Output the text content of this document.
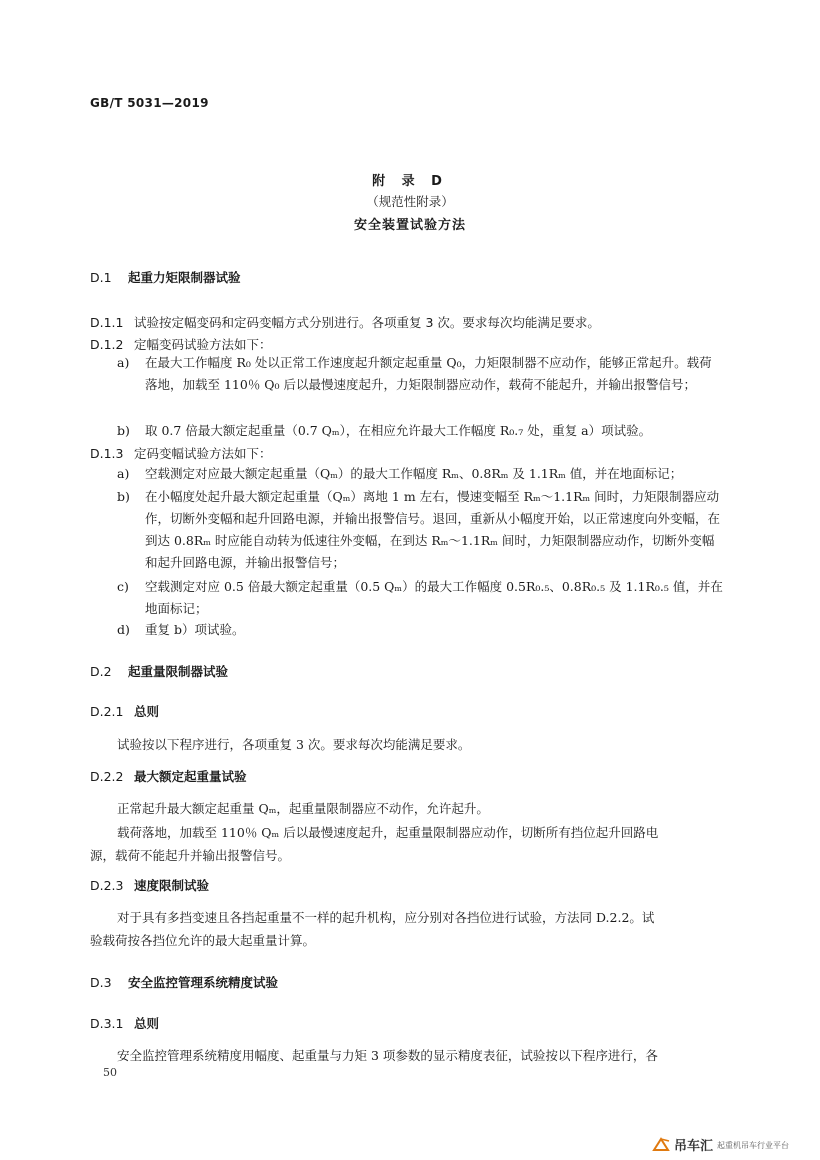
GB/T 5031—2019
附 录 D
（规范性附录）
安全装置试验方法
D.1 起重力矩限制器试验
D.1.1 试验按定幅变码和定码变幅方式分别进行。各项重复 3 次。要求每次均能满足要求。
D.1.2 定幅变码试验方法如下：
a) 在最大工作幅度 R₀ 处以正常工作速度起升额定起重量 Q₀，力矩限制器不应动作，能够正常起升。载荷落地，加载至 110％ Q₀ 后以最慢速度起升，力矩限制器应动作，载荷不能起升，并输出报警信号；
b) 取 0.7 倍最大额定起重量（0.7 Qₘ），在相应允许最大工作幅度 R₀.₇ 处，重复 a）项试验。
D.1.3 定码变幅试验方法如下：
a) 空载测定对应最大额定起重量（Qₘ）的最大工作幅度 Rₘ、0.8Rₘ 及 1.1Rₘ 值，并在地面标记；
b) 在小幅度处起升最大额定起重量（Qₘ）离地 1 m 左右，慢速变幅至 Rₘ～1.1Rₘ 间时，力矩限制器应动作，切断外变幅和起升回路电源，并输出报警信号。退回，重新从小幅度开始，以正常速度向外变幅，在到达 0.8Rₘ 时应能自动转为低速往外变幅，在到达 Rₘ～1.1Rₘ 间时，力矩限制器应动作，切断外变幅和起升回路电源，并输出报警信号；
c) 空载测定对应 0.5 倍最大额定起重量（0.5 Qₘ）的最大工作幅度 0.5R₀.₅、0.8R₀.₅ 及 1.1R₀.₅ 值，并在地面标记；
d) 重复 b）项试验。
D.2 起重量限制器试验
D.2.1 总则
试验按以下程序进行，各项重复 3 次。要求每次均能满足要求。
D.2.2 最大额定起重量试验
正常起升最大额定起重量 Qₘ，起重量限制器应不动作，允许起升。
载荷落地，加载至 110％ Qₘ 后以最慢速度起升，起重量限制器应动作，切断所有挡位起升回路电
源，载荷不能起升并输出报警信号。
D.2.3 速度限制试验
对于具有多挡变速且各挡起重量不一样的起升机构，应分别对各挡位进行试验，方法同 D.2.2。试
验载荷按各挡位允许的最大起重量计算。
D.3 安全监控管理系统精度试验
D.3.1 总则
安全监控管理系统精度用幅度、起重量与力矩 3 项参数的显示精度表征，试验按以下程序进行，各
50
吊车汇 起重机吊车行业平台
